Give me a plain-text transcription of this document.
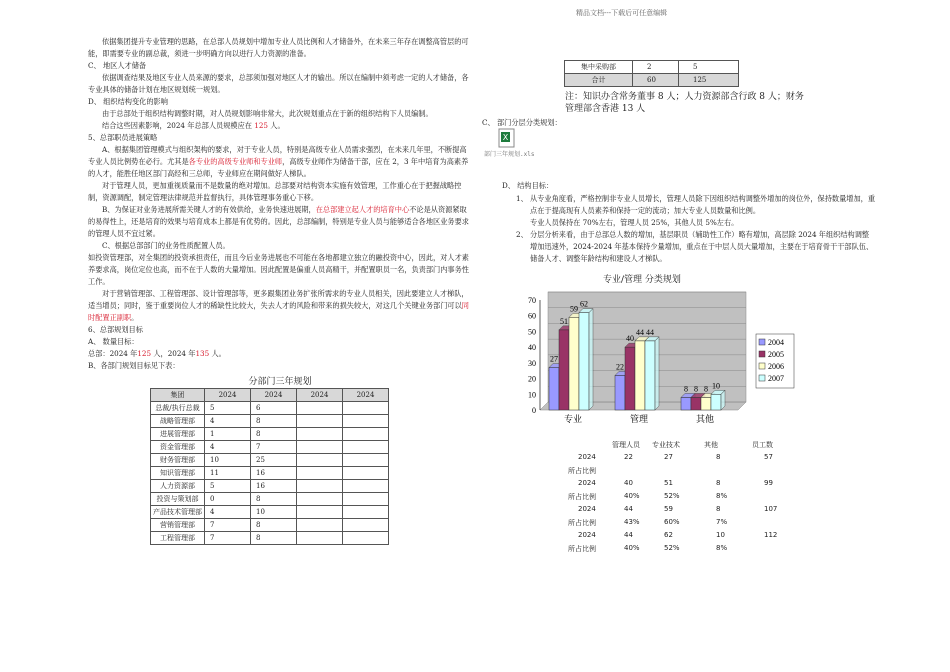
精品文档---下载后可任意编辑

依据集团提升专业管理的思路，在总部人员规划中增加专业人员比例和人才储备外，在未来三年存在调整高管层的可能，即需要专业的副总裁，须进一步明确方向以进行人力资源的准备。

C、 地区人才储备

依据调查结果及地区专业人员来源的要求，总部须加强对地区人才的输出。所以在编制中须考虑一定的人才储备，各专业具体的储备计划在地区规划统一规划。

D、 组织结构变化的影响

由于总部处于组织结构调整时期，对人员规划影响非常大，此次规划重点在于新的组织结构下人员编制。

结合这些因素影响，2024 年总部人员规模应在 125 人。

5、总部职员进展策略

A、根据集团管理模式与组织架构的要求，对于专业人员，特别是高级专业人员需求强烈，在未来几年里，不断提高专业人员比例势在必行。尤其是各专业的高级专业师和专业师，高级专业师作为储备干部，应在 2，3 年中培育为高素养的人才，能胜任地区部门高经和三总师，专业师应在期间做好人梯队。

对于管理人员，更加重视质量而不是数量的绝对增加。总部要对结构资本实施有效管理，工作重心在于把握战略控制，资源调配，制定管理法律规范并监督执行，具体管理事务重心下移。

B、为保证对业务进展所需关键人才的有效供给，业务快速进展期，在总部建立起人才的培育中心不论是从资源紧取的易得性上，还是培育的效果与培育成本上都是有优势的。因此，总部编制，特别是专业人员与能够适合各地区业务要求的管理人员不宜过紧。

C、根据总部部门的业务性质配置人员。

如投资管理部，对全集团的投资承担责任，而且今后业务进展也不可能在各地都建立独立的融投资中心，因此，对人才素养要求高，岗位定位也高，而不在于人数的大量增加。因此配置是偏重人员高精干，并配置职员一名，负责部门内事务性工作。

对于营销管理部、工程管理部、设计管理部等，更多跟集团业务扩张所需求的专业人员相关，因此要建立人才梯队，适当增员；同时，鉴于重要岗位人才的稀缺性比较大，失去人才的风险和带来的损失较大，对这几个关键业务部门可以同时配置正副职。

6、总部规划目标

A、 数量目标：

总部：2024 年125 人，2024 年135 人。

B、各部门规划目标见下表：

分部门三年规划
集团	2024	2024	2024	2024
总裁/执行总裁	5	6		
战略管理部	4	8		
进展管理部	1	8		
资金管理部	4	7		
财务管理部	10	25		
知识管理部	11	16		
人力资源部	5	16		
投资与策划部	0	8		
产品技术管理部	4	10		
营销管理部	7	8		
工程管理部	7	8		
集中采购部	2	5
合计	60	125
注：知识办含常务董事 8 人；人力资源部含行政 8 人；财务管理部含香港 13 人
C、 部门分层分类规划：
X
部门三年规划.xls
D、 结构目标：
1、 从专业角度看，严格控制非专业人员增长，管理人员除下因组织结构调整外增加的岗位外，保持数量增加，重点在于提高现有人员素养和保持一定的流动；加大专业人员数量和比例。
专业人员保持在 70%左右，管理人员 25%，其他人员 5%左右。
2、 分层分析来看，由于总部总人数的增加，基层职员（辅助性工作）略有增加，高层除 2024 年组织结构调整增加迅速外，2024-2024 年基本保持少量增加，重点在于中层人员大量增加，主要在于培育骨干干部队伍、储备人才、调整年龄结构和建设人才梯队。
专业/管理 分类规划
0
10
20
30
40
50
60
70
27
51
59
62
专业
22
40
44 44
管理
8 8 8 10
其他
2004
2005
2006
2007
管理人员 专业技术	其他	员工数
2024	22	27	8	57
所占比例
2024	40	51	8	99
所占比例	40%	52%	8%
2024	44	59	8	107
所占比例	43%	60%	7%
2024	44	62	10	112
所占比例	40%	52%	8%
